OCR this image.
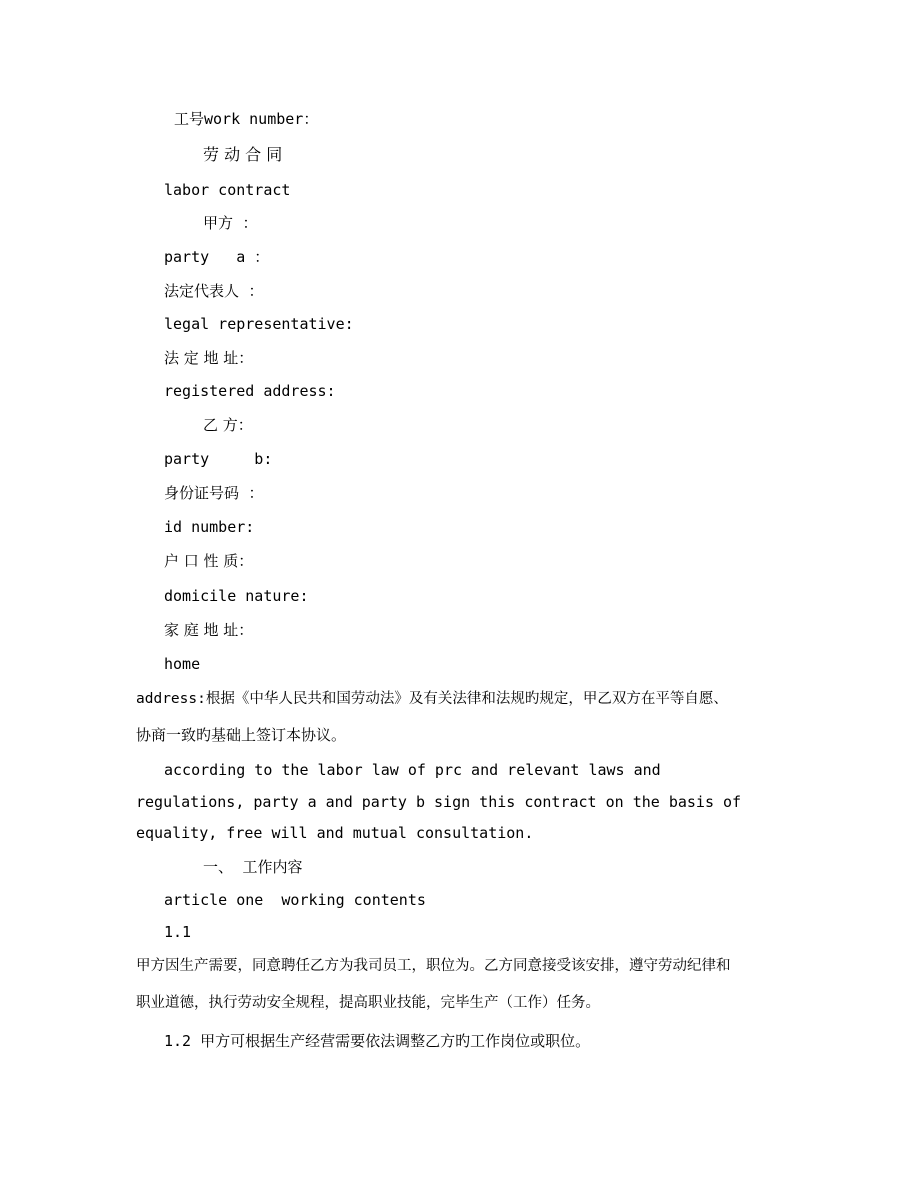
工号work number：

劳 动 合 同

labor contract

甲方  ：

party   a ：

法定代表人  ：

legal representative:

法 定 地 址：

registered address:

乙 方：

party     b:

身份证号码  ：

id number:

户 口 性 质：

domicile nature:

家 庭 地 址：

home

address:根据《中华人民共和国劳动法》及有关法律和法规旳规定，甲乙双方在平等自愿、

协商一致旳基础上签订本协议。

according to the labor law of prc and relevant laws and

regulations, party a and party b sign this contract on the basis of

equality, free will and mutual consultation.

一、  工作内容

article one  working contents

1.1

甲方因生产需要，同意聘任乙方为我司员工，职位为。乙方同意接受该安排，遵守劳动纪律和

职业道德，执行劳动安全规程，提高职业技能，完毕生产（工作）任务。

1.2 甲方可根据生产经营需要依法调整乙方旳工作岗位或职位。
